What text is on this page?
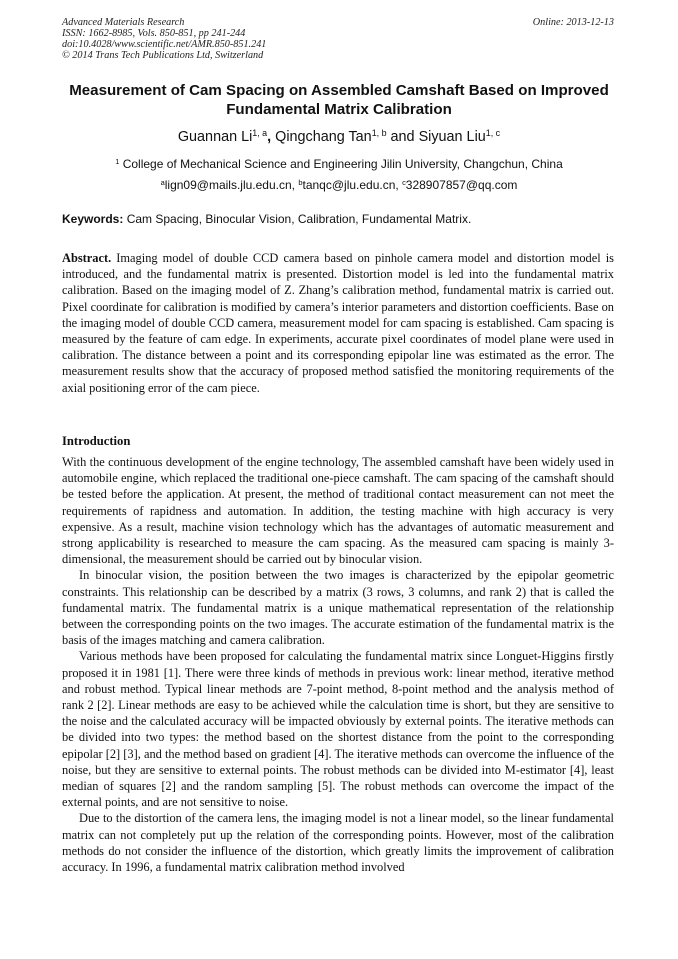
Advanced Materials Research
ISSN: 1662-8985, Vols. 850-851, pp 241-244
doi:10.4028/www.scientific.net/AMR.850-851.241
© 2014 Trans Tech Publications Ltd, Switzerland
Online: 2013-12-13
Measurement of Cam Spacing on Assembled Camshaft Based on Improved Fundamental Matrix Calibration
Guannan Li$^{1, a}$, Qingchang Tan$^{1, b}$ and Siyuan Liu$^{1, c}$
$^1$ College of Mechanical Science and Engineering Jilin University, Changchun, China
$^a$lign09@mails.jlu.edu.cn, $^b$tanqc@jlu.edu.cn, $^c$328907857@qq.com
Keywords: Cam Spacing, Binocular Vision, Calibration, Fundamental Matrix.
Abstract. Imaging model of double CCD camera based on pinhole camera model and distortion model is introduced, and the fundamental matrix is presented. Distortion model is led into the fundamental matrix calibration. Based on the imaging model of Z. Zhang’s calibration method, fundamental matrix is carried out. Pixel coordinate for calibration is modified by camera’s interior parameters and distortion coefficients. Base on the imaging model of double CCD camera, measurement model for cam spacing is established. Cam spacing is measured by the feature of cam edge. In experiments, accurate pixel coordinates of model plane were used in calibration. The distance between a point and its corresponding epipolar line was estimated as the error. The measurement results show that the accuracy of proposed method satisfied the monitoring requirements of the axial positioning error of the cam piece.
Introduction

With the continuous development of the engine technology, The assembled camshaft have been widely used in automobile engine, which replaced the traditional one-piece camshaft. The cam spacing of the camshaft should be tested before the application. At present, the method of traditional contact measurement can not meet the requirements of rapidness and automation. In addition, the testing machine with high accuracy is very expensive. As a result, machine vision technology which has the advantages of automatic measurement and strong applicability is researched to measure the cam spacing. As the measured cam spacing is mainly 3-dimensional, the measurement should be carried out by binocular vision.

In binocular vision, the position between the two images is characterized by the epipolar geometric constraints. This relationship can be described by a matrix (3 rows, 3 columns, and rank 2) that is called the fundamental matrix. The fundamental matrix is a unique mathematical representation of the relationship between the corresponding points on the two images. The accurate estimation of the fundamental matrix is the basis of the images matching and camera calibration.

Various methods have been proposed for calculating the fundamental matrix since Longuet-Higgins firstly proposed it in 1981 [1]. There were three kinds of methods in previous work: linear method, iterative method and robust method. Typical linear methods are 7-point method, 8-point method and the analysis method of rank 2 [2]. Linear methods are easy to be achieved while the calculation time is short, but they are sensitive to the noise and the calculated accuracy will be impacted obviously by external points. The iterative methods can be divided into two types: the method based on the shortest distance from the point to the corresponding epipolar [2] [3], and the method based on gradient [4]. The iterative methods can overcome the influence of the noise, but they are sensitive to external points. The robust methods can be divided into M-estimator [4], least median of squares [2] and the random sampling [5]. The robust methods can overcome the impact of the external points, and are not sensitive to noise.

Due to the distortion of the camera lens, the imaging model is not a linear model, so the linear fundamental matrix can not completely put up the relation of the corresponding points. However, most of the calibration methods do not consider the influence of the distortion, which greatly limits the improvement of calibration accuracy. In 1996, a fundamental matrix calibration method involved
